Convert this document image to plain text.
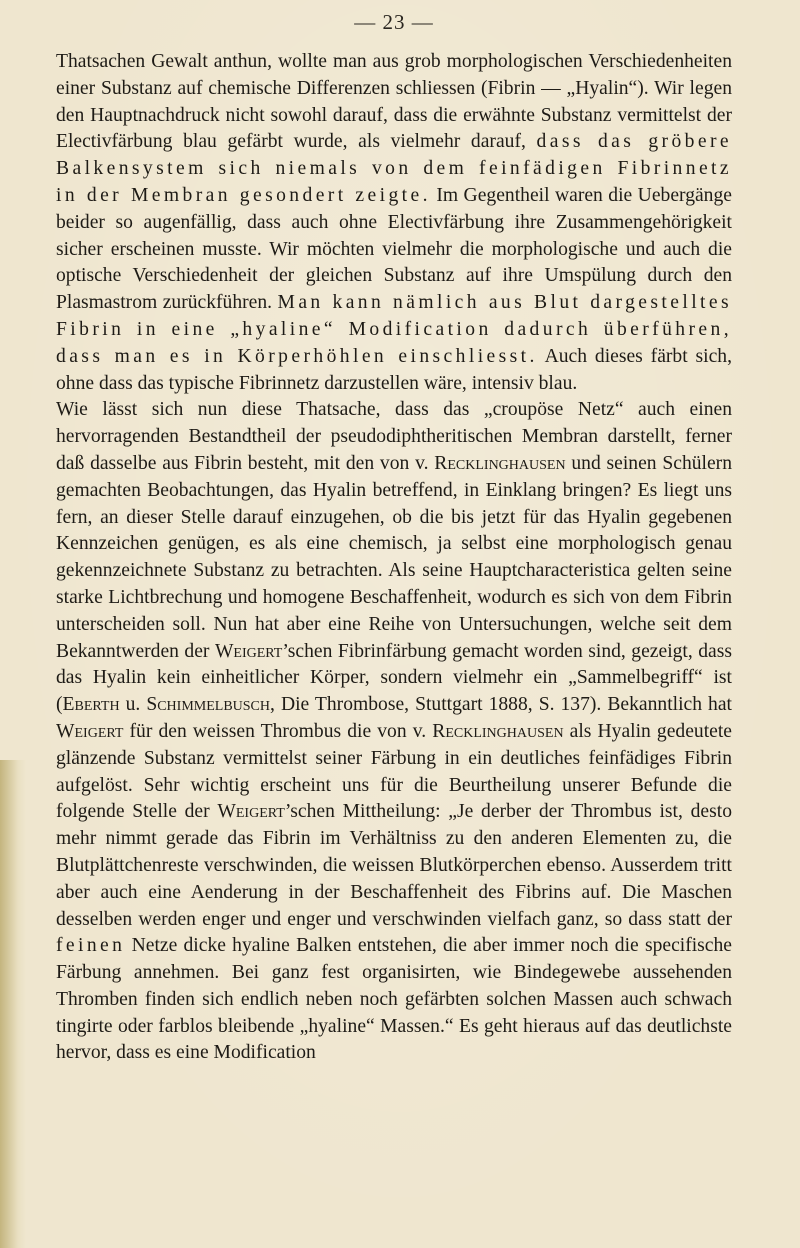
— 23 —

Thatsachen Gewalt anthun, wollte man aus grob morphologischen Verschiedenheiten einer Substanz auf chemische Differenzen schliessen (Fibrin — „Hyalin“). Wir legen den Hauptnachdruck nicht sowohl darauf, dass die erwähnte Substanz vermittelst der Electivfärbung blau gefärbt wurde, als vielmehr darauf, dass das gröbere Balkensystem sich niemals von dem feinfädigen Fibrinnetz in der Membran gesondert zeigte. Im Gegentheil waren die Uebergänge beider so augenfällig, dass auch ohne Electivfärbung ihre Zusammengehörigkeit sicher erscheinen musste. Wir möchten vielmehr die morphologische und auch die optische Verschiedenheit der gleichen Substanz auf ihre Umspülung durch den Plasmastrom zurückführen. Man kann nämlich aus Blut dargestelltes Fibrin in eine „hyaline“ Modification dadurch überführen, dass man es in Körperhöhlen einschliesst. Auch dieses färbt sich, ohne dass das typische Fibrinnetz darzustellen wäre, intensiv blau.

Wie lässt sich nun diese Thatsache, dass das „croupöse Netz“ auch einen hervorragenden Bestandtheil der pseudodiphtheritischen Membran darstellt, ferner daß dasselbe aus Fibrin besteht, mit den von v. Recklinghausen und seinen Schülern gemachten Beobachtungen, das Hyalin betreffend, in Einklang bringen? Es liegt uns fern, an dieser Stelle darauf einzugehen, ob die bis jetzt für das Hyalin gegebenen Kennzeichen genügen, es als eine chemisch, ja selbst eine morphologisch genau gekennzeichnete Substanz zu betrachten. Als seine Hauptcharacteristica gelten seine starke Lichtbrechung und homogene Beschaffenheit, wodurch es sich von dem Fibrin unterscheiden soll. Nun hat aber eine Reihe von Untersuchungen, welche seit dem Bekanntwerden der Weigert’schen Fibrinfärbung gemacht worden sind, gezeigt, dass das Hyalin kein einheitlicher Körper, sondern vielmehr ein „Sammelbegriff“ ist (Eberth u. Schimmelbusch, Die Thrombose, Stuttgart 1888, S. 137). Bekanntlich hat Weigert für den weissen Thrombus die von v. Recklinghausen als Hyalin gedeutete glänzende Substanz vermittelst seiner Färbung in ein deutliches feinfädiges Fibrin aufgelöst. Sehr wichtig erscheint uns für die Beurtheilung unserer Befunde die folgende Stelle der Weigert’schen Mittheilung: „Je derber der Thrombus ist, desto mehr nimmt gerade das Fibrin im Verhältniss zu den anderen Elementen zu, die Blutplättchenreste verschwinden, die weissen Blutkörperchen ebenso. Ausserdem tritt aber auch eine Aenderung in der Beschaffenheit des Fibrins auf. Die Maschen desselben werden enger und enger und verschwinden vielfach ganz, so dass statt der feinen Netze dicke hyaline Balken entstehen, die aber immer noch die specifische Färbung annehmen. Bei ganz fest organisirten, wie Bindegewebe aussehenden Thromben finden sich endlich neben noch gefärbten solchen Massen auch schwach tingirte oder farblos bleibende „hyaline“ Massen.“ Es geht hieraus auf das deutlichste hervor, dass es eine Modification
